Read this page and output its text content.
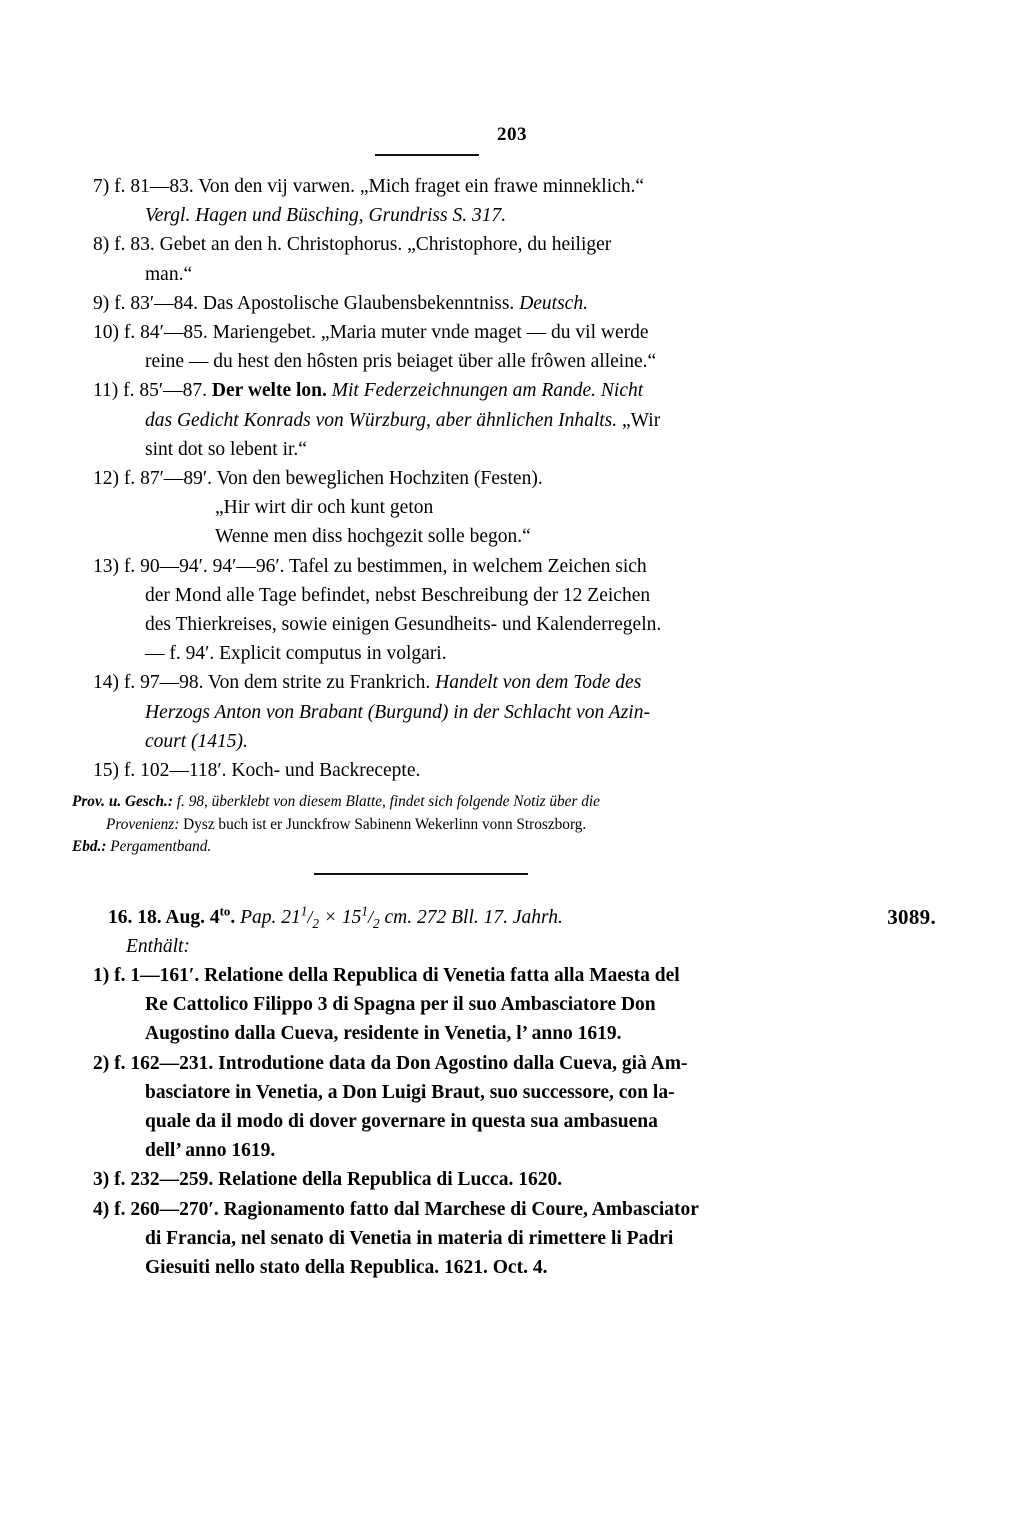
203
7) f. 81—83. Von den vij varwen. „Mich fraget ein frawe minneklich.“
Vergl. Hagen und Büsching, Grundriss S. 317.
8) f. 83. Gebet an den h. Christophorus. „Christophore, du heiliger
man.“
9) f. 83′—84. Das Apostolische Glaubensbekenntniss. Deutsch.
10) f. 84′—85. Mariengebet. „Maria muter vnde maget — du vil werde
reine — du hest den hôsten pris beiaget über alle frôwen alleine.“
11) f. 85′—87. Der welte lon. Mit Federzeichnungen am Rande. Nicht
das Gedicht Konrads von Würzburg, aber ähnlichen Inhalts. „Wir
sint dot so lebent ir.“
12) f. 87′—89′. Von den beweglichen Hochziten (Festen).
„Hir wirt dir och kunt geton
Wenne men diss hochgezit solle begon.“
13) f. 90—94′. 94′—96′. Tafel zu bestimmen, in welchem Zeichen sich
der Mond alle Tage befindet, nebst Beschreibung der 12 Zeichen
des Thierkreises, sowie einigen Gesundheits- und Kalenderregeln.
— f. 94′. Explicit computus in volgari.
14) f. 97—98. Von dem strite zu Frankrich. Handelt von dem Tode des
Herzogs Anton von Brabant (Burgund) in der Schlacht von Azin-
court (1415).
15) f. 102—118′. Koch- und Backrecepte.
Prov. u. Gesch.: f. 98, überklebt von diesem Blatte, findet sich folgende Notiz über die
Provenienz: Dysz buch ist er Junckfrow Sabinenn Wekerlinn vonn Stroszborg.
Ebd.: Pergamentband.
16. 18. Aug. $4^{to}$. Pap. $21^1/_2 \times 15^1/_2$ cm. 272 Bll. 17. Jahrh.
Enthält:
3089.
1) f. 1—161′. Relatione della Republica di Venetia fatta alla Maesta del
Re Cattolico Filippo 3 di Spagna per il suo Ambasciatore Don
Augostino dalla Cueva, residente in Venetia, l’ anno 1619.
2) f. 162—231. Introdutione data da Don Agostino dalla Cueva, già Am-
basciatore in Venetia, a Don Luigi Braut, suo successore, con la-
quale da il modo di dover governare in questa sua ambasuena
dell’ anno 1619.
3) f. 232—259. Relatione della Republica di Lucca. 1620.
4) f. 260—270′. Ragionamento fatto dal Marchese di Coure, Ambasciator
di Francia, nel senato di Venetia in materia di rimettere li Padri
Giesuiti nello stato della Republica. 1621. Oct. 4.
